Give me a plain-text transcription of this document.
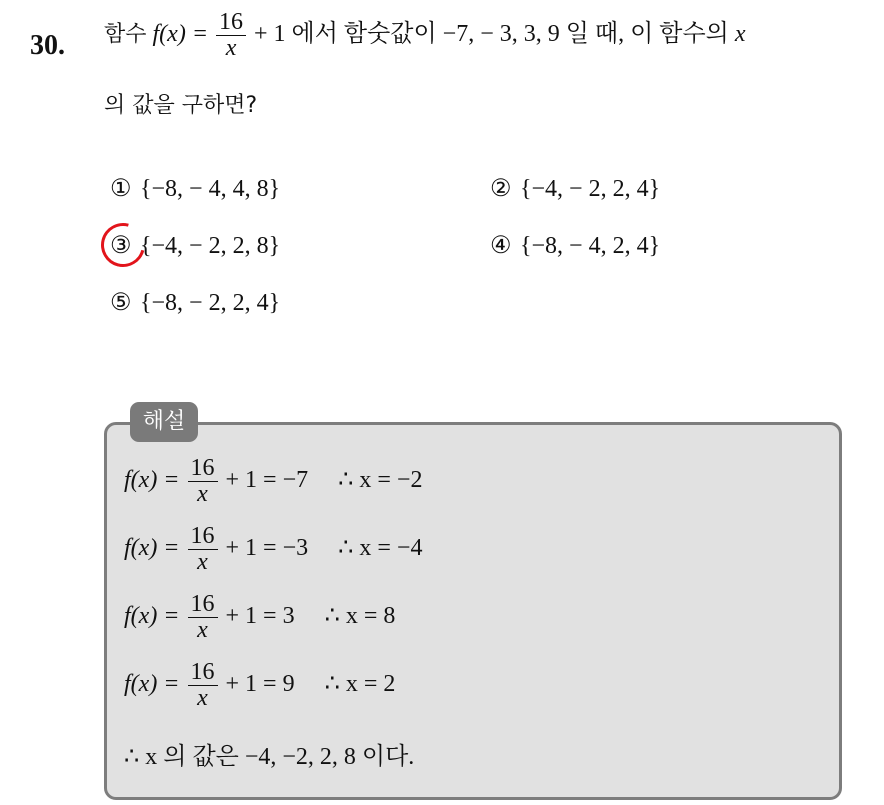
30. 함수 $f(x) = \frac{16}{x} + 1$ 에서 함숫값이 −7, − 3, 3, 9 일 때, 이 함수의 x
의 값을 구하면?
① {−8, − 4, 4, 8}	② {−4, − 2, 2, 4}
③ {−4, − 2, 2, 8}	④ {−8, − 4, 2, 4}
⑤ {−8, − 2, 2, 4}
해설
$f(x) = \frac{16}{x} + 1 = -7$ ∴ x = −2
$f(x) = \frac{16}{x} + 1 = -3$ ∴ x = −4
$f(x) = \frac{16}{x} + 1 = 3$ ∴ x = 8
$f(x) = \frac{16}{x} + 1 = 9$ ∴ x = 2
∴ x 의 값은 −4, −2, 2, 8 이다.
